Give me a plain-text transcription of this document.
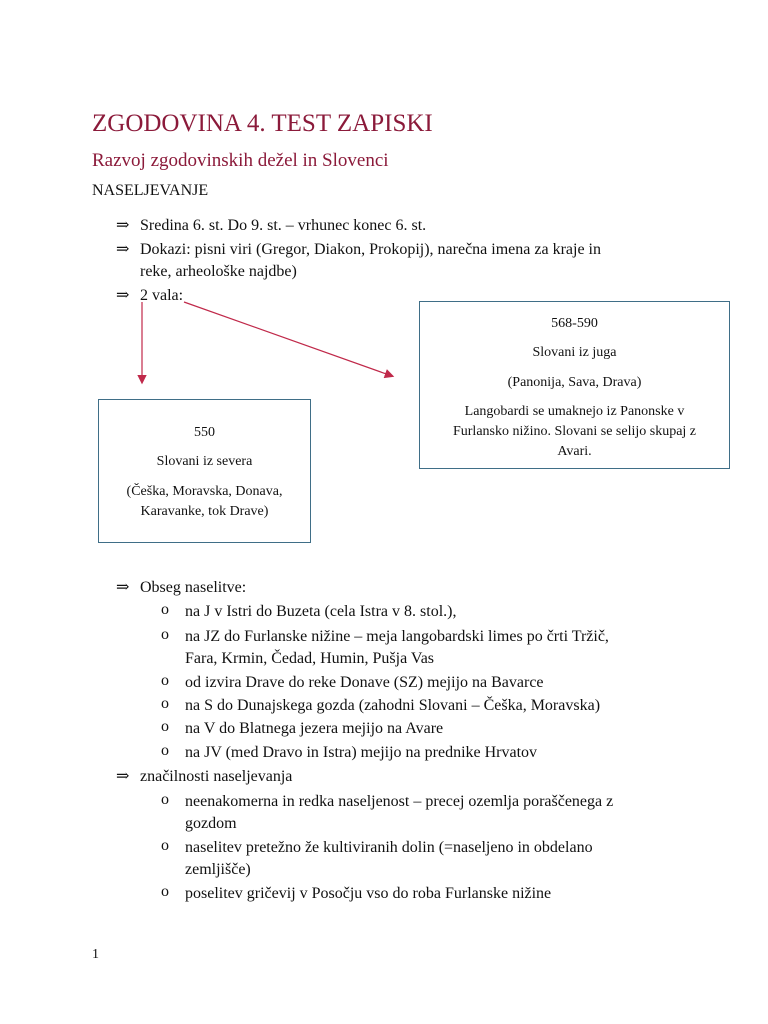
ZGODOVINA 4. TEST ZAPISKI
Razvoj zgodovinskih dežel in Slovenci
NASELJEVANJE
⇒ Sredina 6. st. Do 9. st. – vrhunec konec 6. st.
⇒ Dokazi: pisni viri (Gregor, Diakon, Prokopij), narečna imena za kraje in
reke, arheološke najdbe)
⇒ 2 vala:

568-590

Slovani iz juga

(Panonija, Sava, Drava)

Langobardi se umaknejo iz Panonske v

Furlansko nižino. Slovani se selijo skupaj z

Avari.

550

Slovani iz severa

(Češka, Moravska, Donava,

Karavanke, tok Drave)

⇒ Obseg naselitve:
o na J v Istri do Buzeta (cela Istra v 8. stol.),
o na JZ do Furlanske nižine – meja langobardski limes po črti Tržič,
Fara, Krmin, Čedad, Humin, Pušja Vas
o od izvira Drave do reke Donave (SZ) mejijo na Bavarce
o na S do Dunajskega gozda (zahodni Slovani – Češka, Moravska)
o na V do Blatnega jezera mejijo na Avare
o na JV (med Dravo in Istra) mejijo na prednike Hrvatov
⇒ značilnosti naseljevanja
o neenakomerna in redka naseljenost – precej ozemlja poraščenega z
gozdom
o naselitev pretežno že kultiviranih dolin (=naseljeno in obdelano
zemljišče)
o poselitev gričevij v Posočju vso do roba Furlanske nižine
1
